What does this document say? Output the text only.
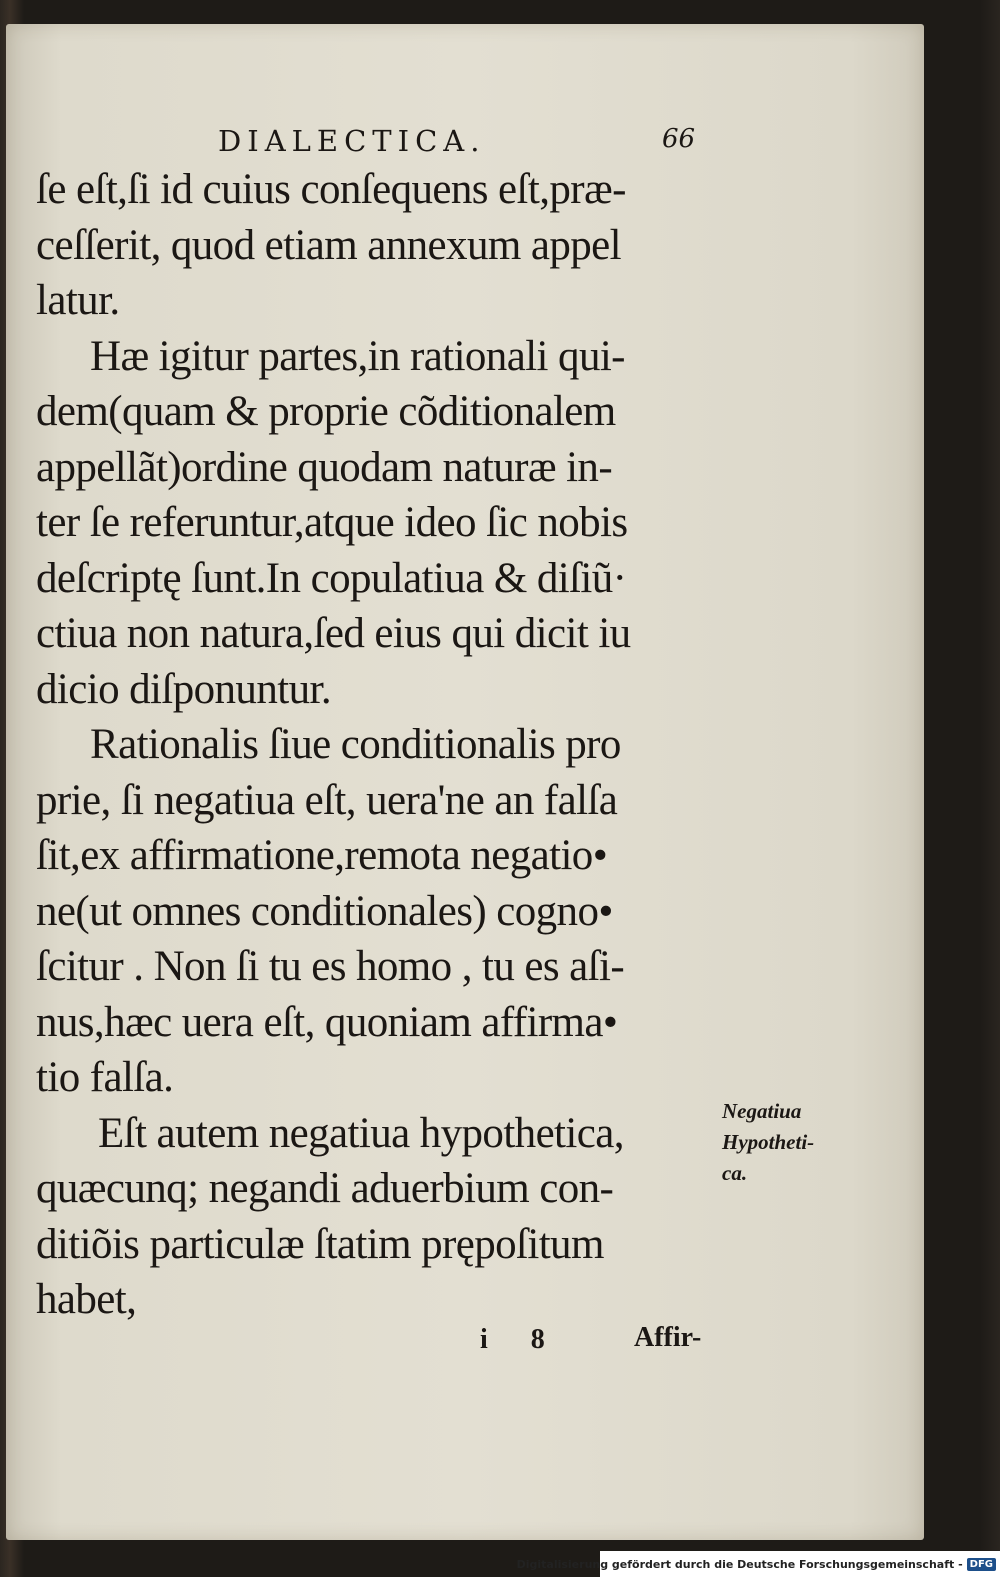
DIALECTICA.	66
ſe eſt,ſi id cuius conſequens eſt,præ-
ceſſerit, quod etiam annexum appel
latur.
Hæ igitur partes,in rationali qui-
dem(quam & proprie cõditionalem
appellãt)ordine quodam naturæ in-
ter ſe referuntur,atque ideo ſic nobis
deſcriptę ſunt.In copulatiua & diſiũ·
ctiua non natura,ſed eius qui dicit iu
dicio diſponuntur.
Rationalis ſiue conditionalis pro
prie, ſi negatiua eſt, uera'ne an falſa
ſit,ex affirmatione,remota negatio•
ne(ut omnes conditionales) cogno•
ſcitur . Non ſi tu es homo , tu es aſi-
nus,hæc uera eſt, quoniam affirma•
tio falſa.
Eſt autem negatiua hypothetica,
quæcunq; negandi aduerbium con-
ditiõis particulæ ſtatim prępoſitum
habet,
Negatiua
Hypotheti-
ca.
i 8	Affir-
Digitalisierung gefördert durch die Deutsche Forschungsgemeinschaft - DFG
